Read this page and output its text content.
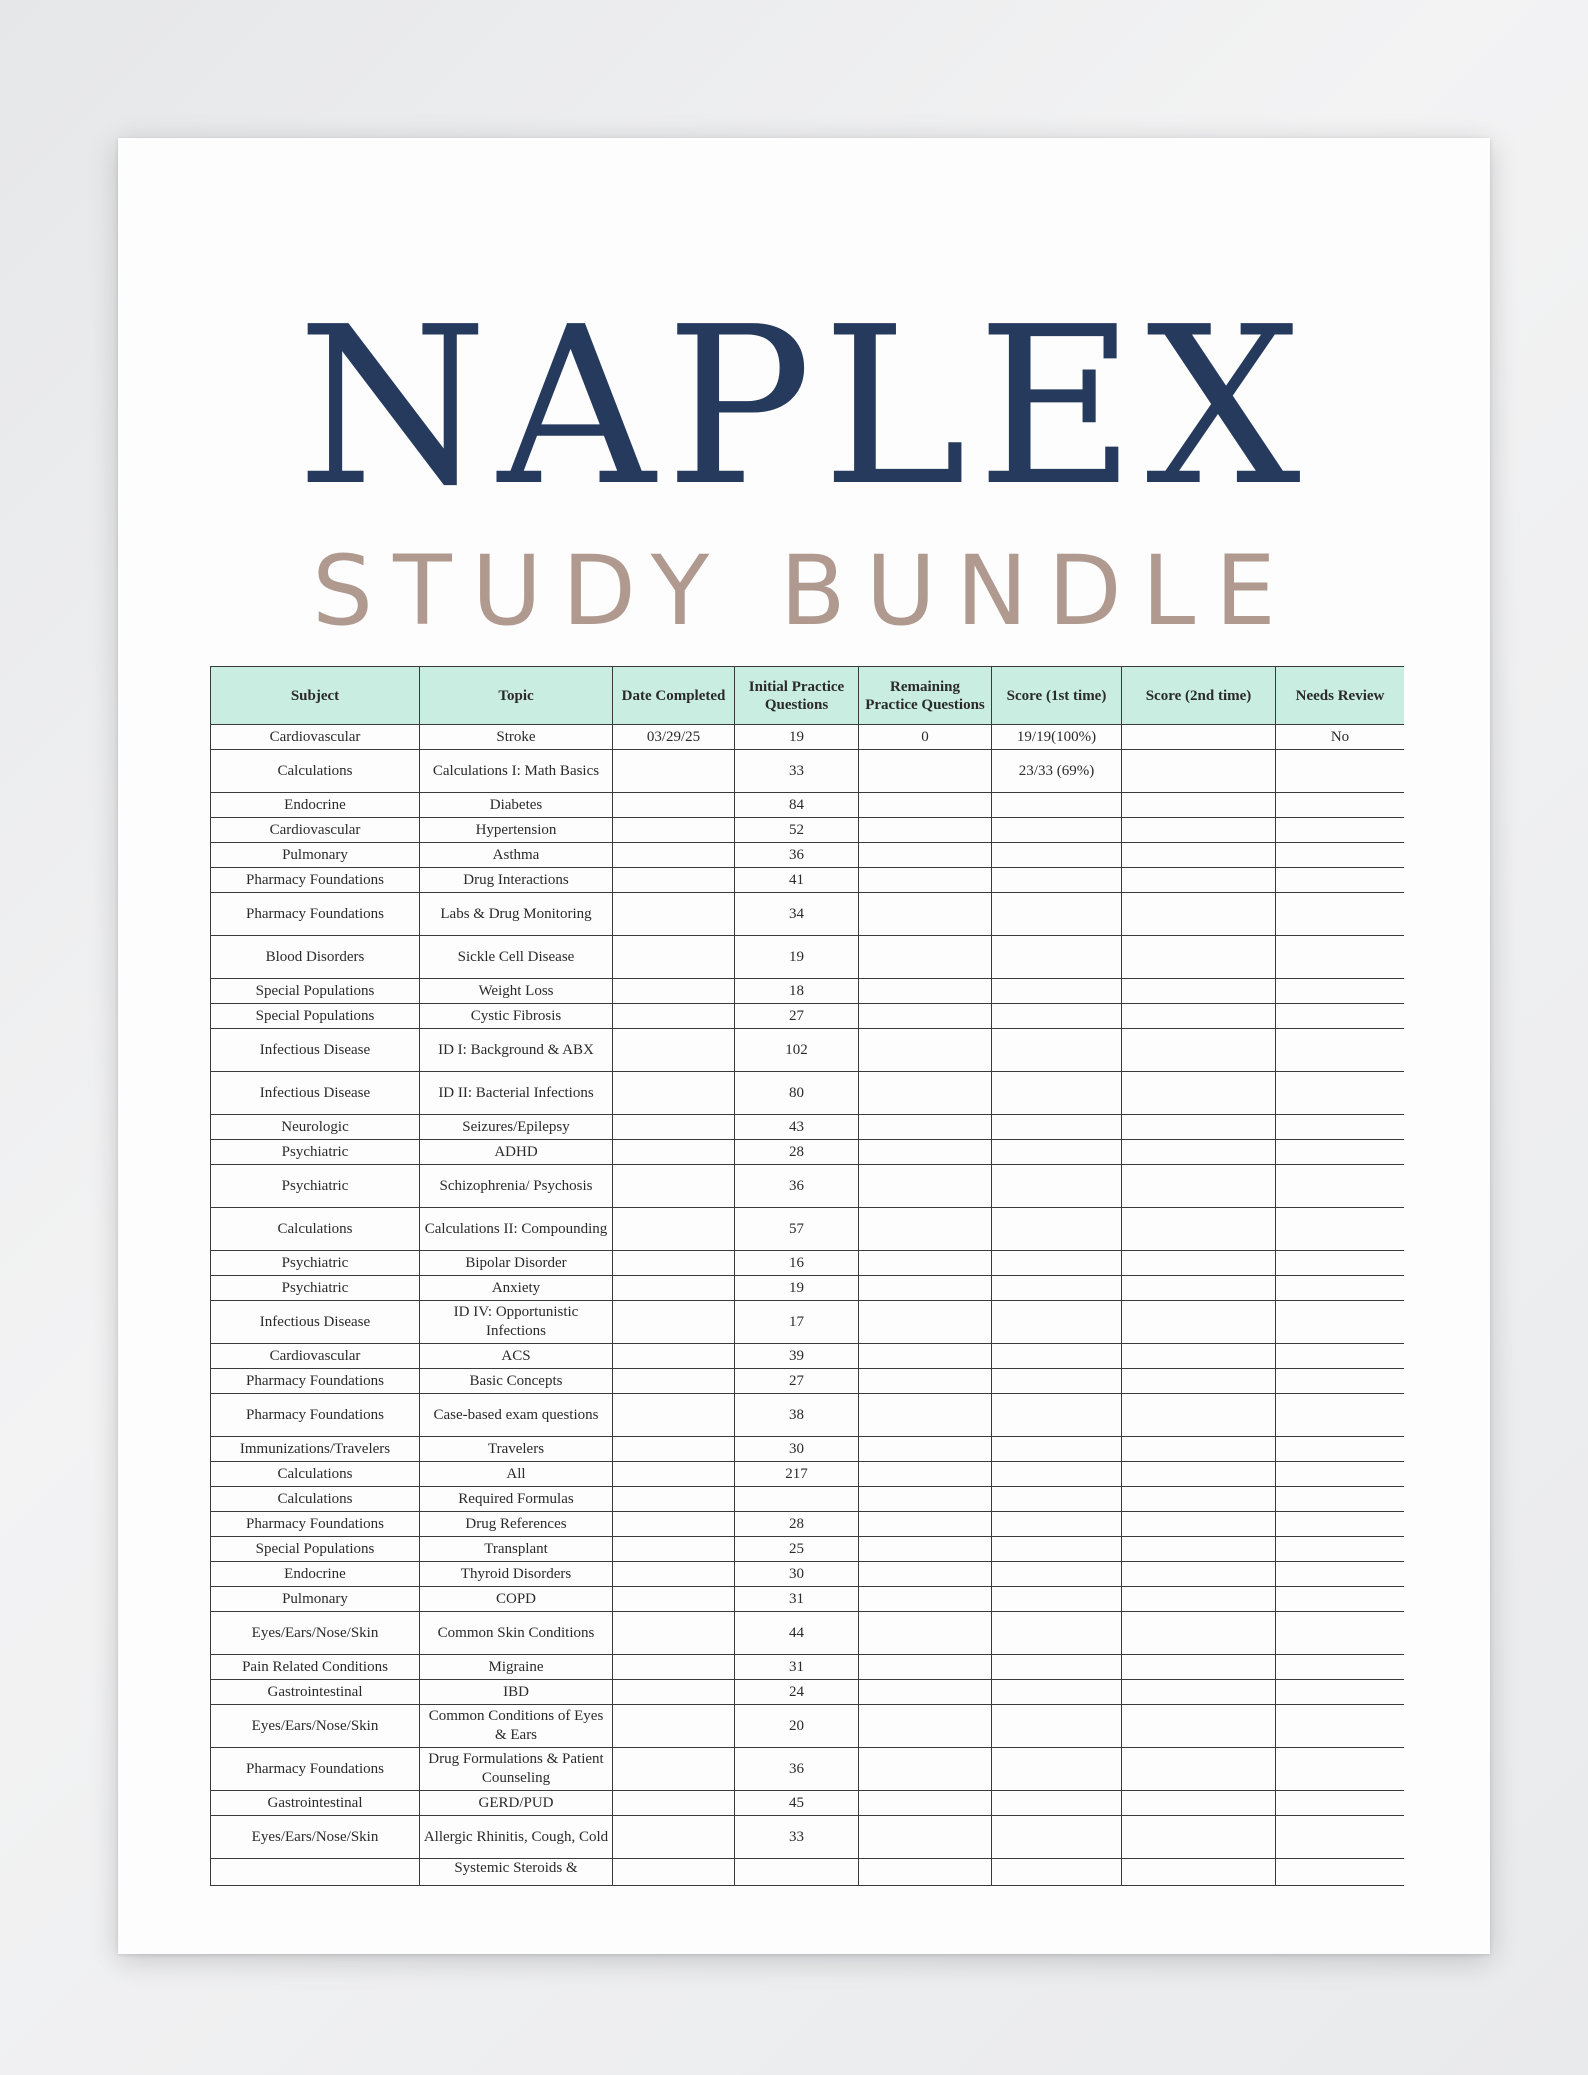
NAPLEX
STUDY BUNDLE
Subject	Topic	Date Completed	Initial Practice Questions	Remaining Practice Questions	Score (1st time)	Score (2nd time)	Needs Review
Cardiovascular	Stroke	03/29/25	19	0	19/19(100%)		No
Calculations	Calculations I: Math Basics		33		23/33 (69%)		
Endocrine	Diabetes		84				
Cardiovascular	Hypertension		52				
Pulmonary	Asthma		36				
Pharmacy Foundations	Drug Interactions		41				
Pharmacy Foundations	Labs & Drug Monitoring		34				
Blood Disorders	Sickle Cell Disease		19				
Special Populations	Weight Loss		18				
Special Populations	Cystic Fibrosis		27				
Infectious Disease	ID I: Background & ABX		102				
Infectious Disease	ID II: Bacterial Infections		80				
Neurologic	Seizures/Epilepsy		43				
Psychiatric	ADHD		28				
Psychiatric	Schizophrenia/ Psychosis		36				
Calculations	Calculations II: Compounding		57				
Psychiatric	Bipolar Disorder		16				
Psychiatric	Anxiety		19				
Infectious Disease	ID IV: Opportunistic Infections		17				
Cardiovascular	ACS		39				
Pharmacy Foundations	Basic Concepts		27				
Pharmacy Foundations	Case-based exam questions		38				
Immunizations/Travelers	Travelers		30				
Calculations	All		217				
Calculations	Required Formulas						
Pharmacy Foundations	Drug References		28				
Special Populations	Transplant		25				
Endocrine	Thyroid Disorders		30				
Pulmonary	COPD		31				
Eyes/Ears/Nose/Skin	Common Skin Conditions		44				
Pain Related Conditions	Migraine		31				
Gastrointestinal	IBD		24				
Eyes/Ears/Nose/Skin	Common Conditions of Eyes & Ears		20				
Pharmacy Foundations	Drug Formulations & Patient Counseling		36				
Gastrointestinal	GERD/PUD		45				
Eyes/Ears/Nose/Skin	Allergic Rhinitis, Cough, Cold		33				
	Systemic Steroids &						
